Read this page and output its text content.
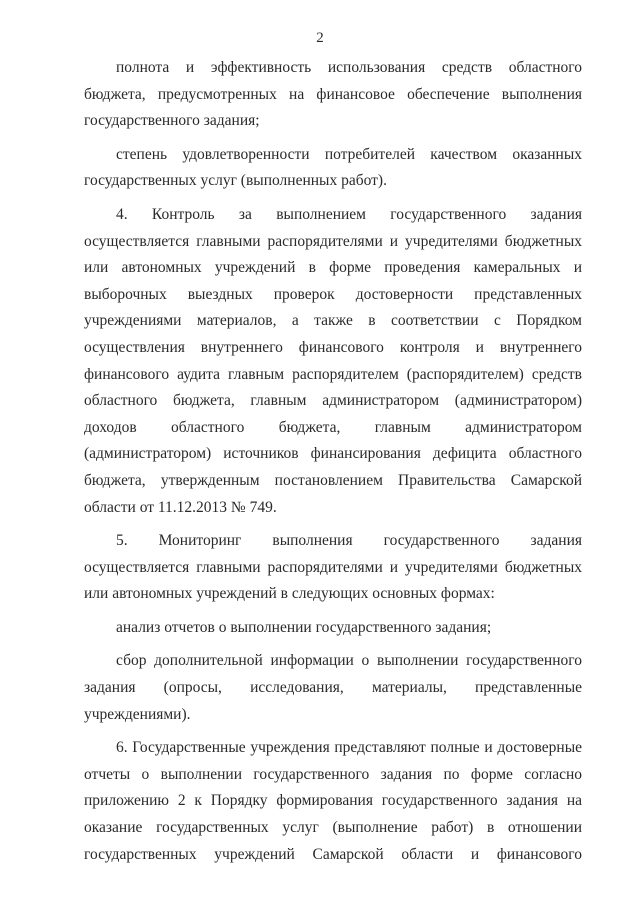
2

полнота и эффективность использования средств областного бюджета, предусмотренных на финансовое обеспечение выполнения государственного задания;

степень удовлетворенности потребителей качеством оказанных государственных услуг (выполненных работ).

4. Контроль за выполнением государственного задания осуществляется главными распорядителями и учредителями бюджетных или автономных учреждений в форме проведения камеральных и выборочных выездных проверок достоверности представленных учреждениями материалов, а также в соответствии с Порядком осуществления внутреннего финансового контроля и внутреннего финансового аудита главным распорядителем (распорядителем) средств областного бюджета, главным администратором (администратором) доходов областного бюджета, главным администратором (администратором) источников финансирования дефицита областного бюджета, утвержденным постановлением Правительства Самарской области от 11.12.2013 № 749.

5. Мониторинг выполнения государственного задания осуществляется главными распорядителями и учредителями бюджетных или автономных учреждений в следующих основных формах:

анализ отчетов о выполнении государственного задания;

сбор дополнительной информации о выполнении государственного задания (опросы, исследования, материалы, представленные учреждениями).

6. Государственные учреждения представляют полные и достоверные отчеты о выполнении государственного задания по форме согласно приложению 2 к Порядку формирования государственного задания на оказание государственных услуг (выполнение работ) в отношении государственных учреждений Самарской области и финансового
